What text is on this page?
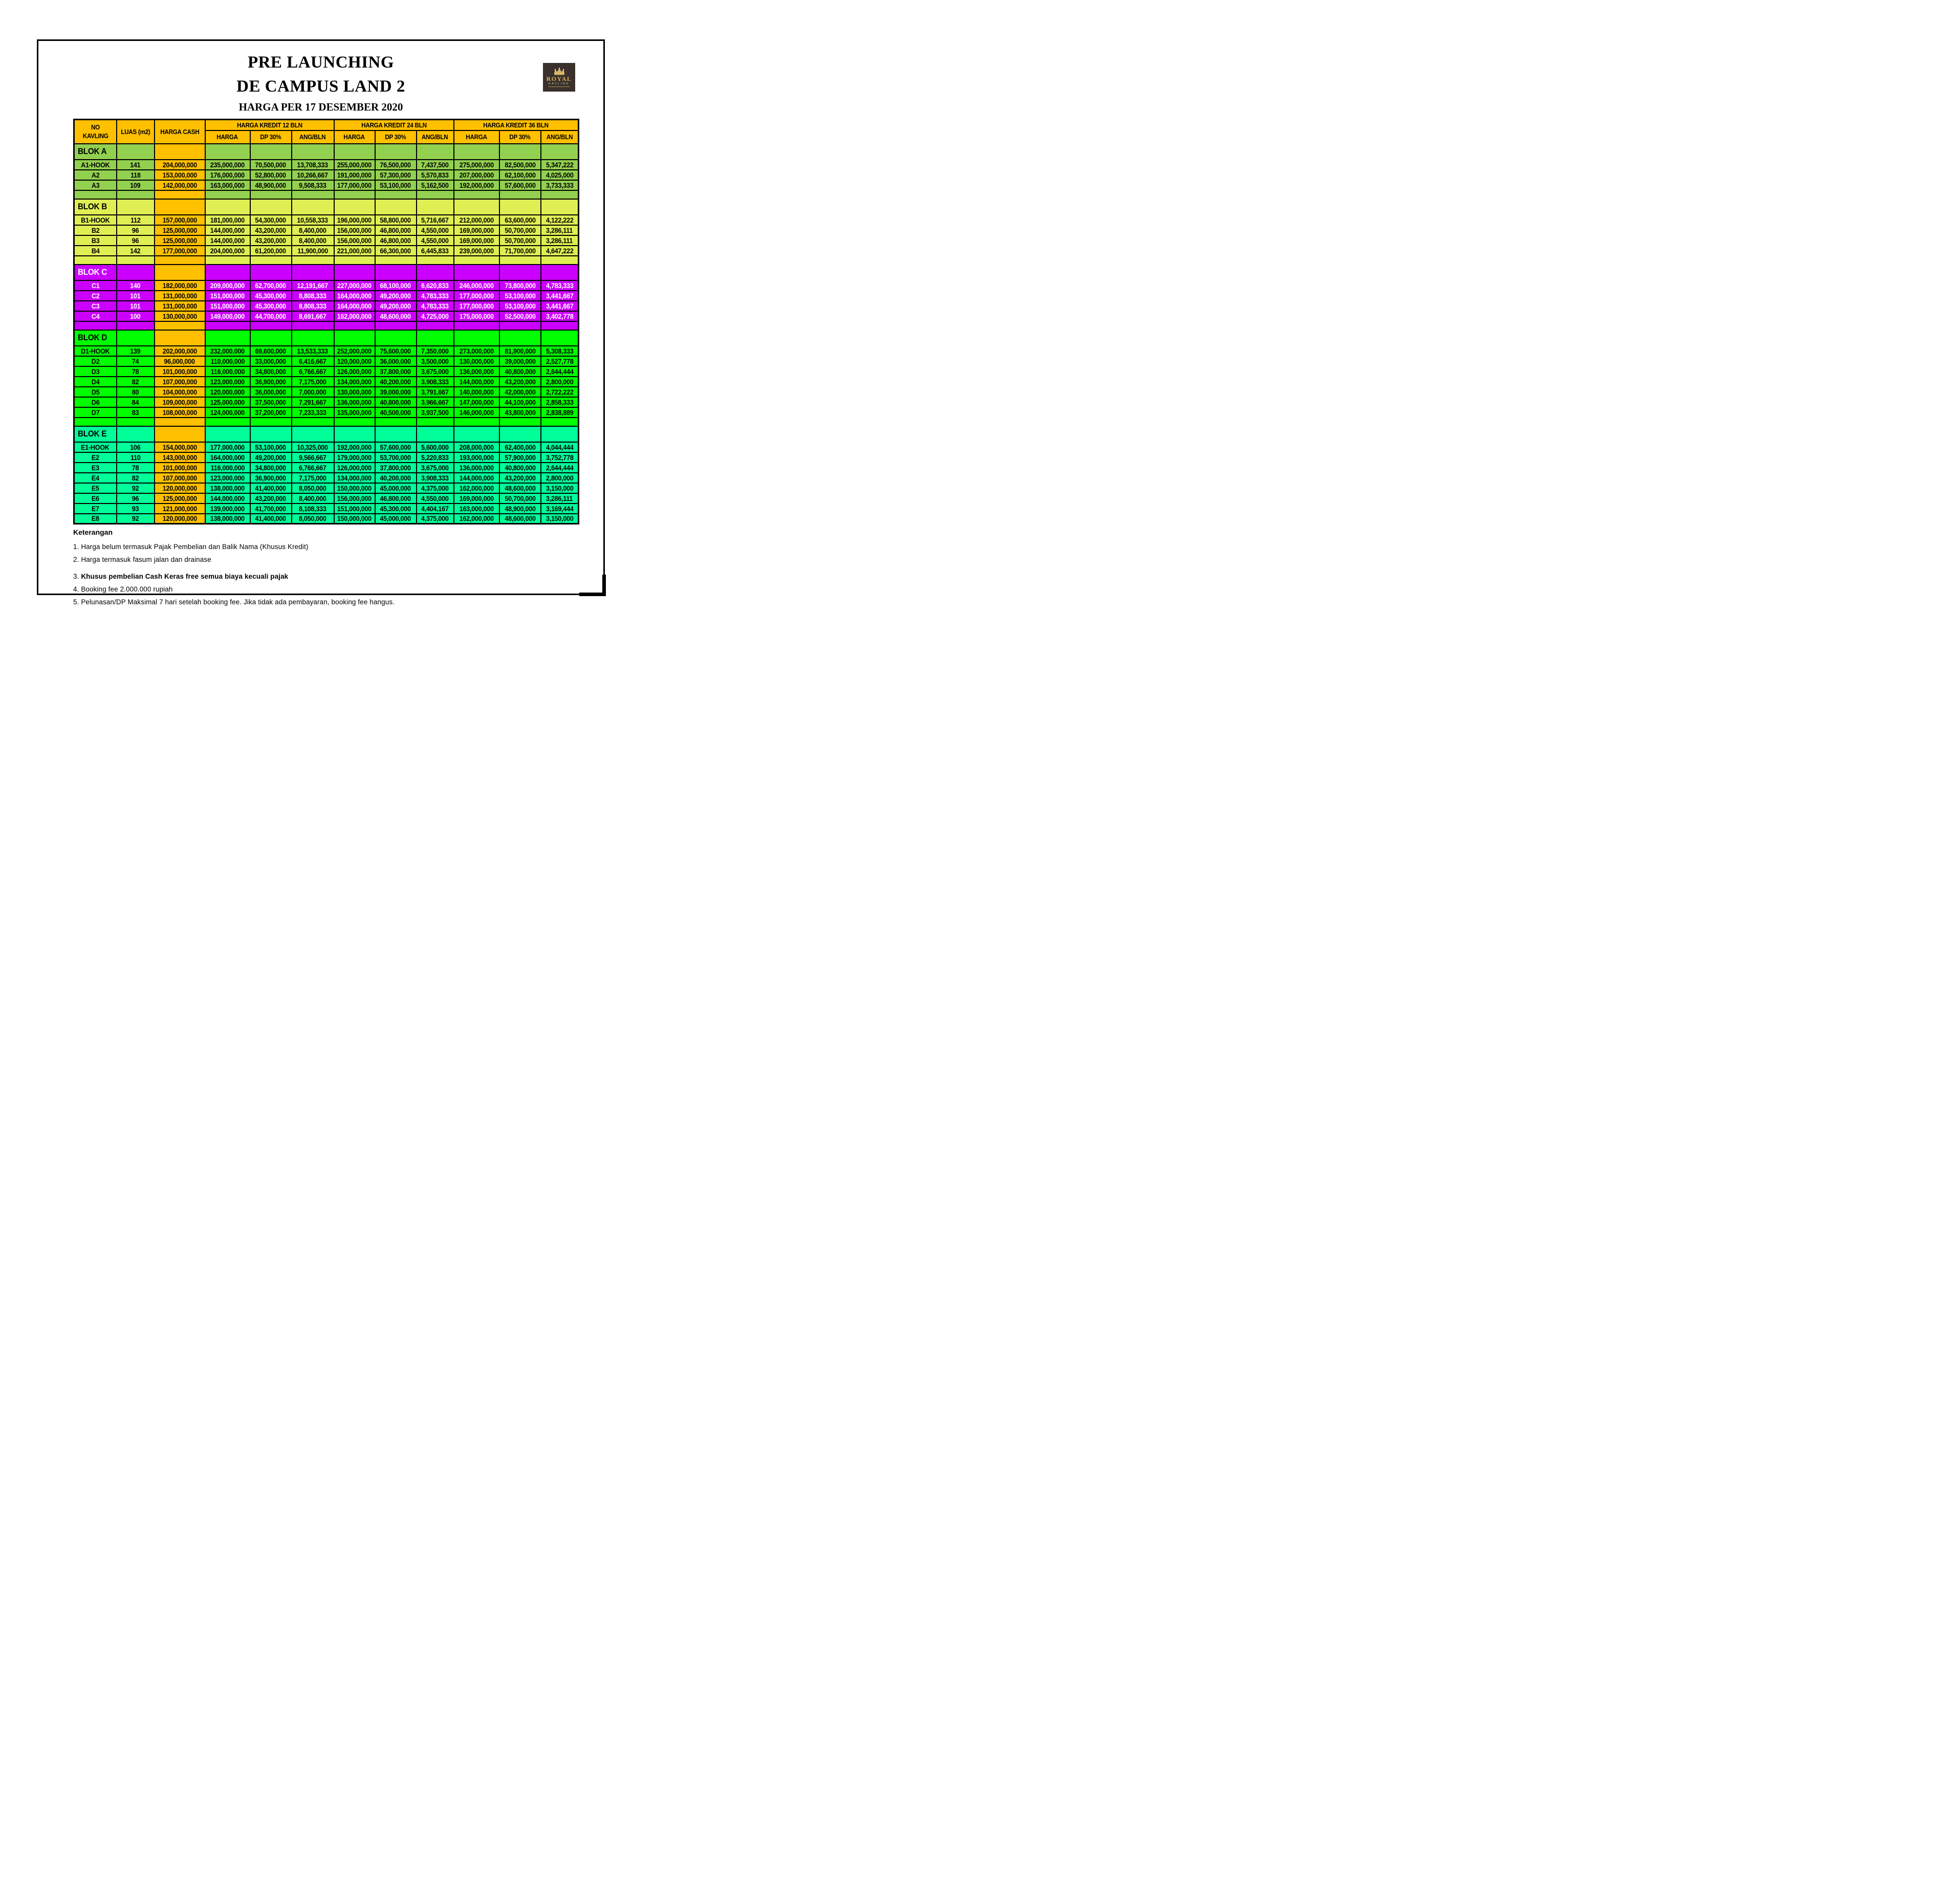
PRE LAUNCHING
DE CAMPUS LAND 2
HARGA PER 17 DESEMBER 2020
ROYAL
KAVLING
NO
KAVLING	LUAS (m2)	HARGA CASH	HARGA KREDIT 12 BLN			HARGA KREDIT 24 BLN			HARGA KREDIT 36 BLN		
			HARGA	DP 30%	ANG/BLN	HARGA	DP 30%	ANG/BLN	HARGA	DP 30%	ANG/BLN
BLOK A											
A1-HOOK	141	204,000,000	235,000,000	70,500,000	13,708,333	255,000,000	76,500,000	7,437,500	275,000,000	82,500,000	5,347,222
A2	118	153,000,000	176,000,000	52,800,000	10,266,667	191,000,000	57,300,000	5,570,833	207,000,000	62,100,000	4,025,000
A3	109	142,000,000	163,000,000	48,900,000	9,508,333	177,000,000	53,100,000	5,162,500	192,000,000	57,600,000	3,733,333

BLOK B											
B1-HOOK	112	157,000,000	181,000,000	54,300,000	10,558,333	196,000,000	58,800,000	5,716,667	212,000,000	63,600,000	4,122,222
B2	96	125,000,000	144,000,000	43,200,000	8,400,000	156,000,000	46,800,000	4,550,000	169,000,000	50,700,000	3,286,111
B3	96	125,000,000	144,000,000	43,200,000	8,400,000	156,000,000	46,800,000	4,550,000	169,000,000	50,700,000	3,286,111
B4	142	177,000,000	204,000,000	61,200,000	11,900,000	221,000,000	66,300,000	6,445,833	239,000,000	71,700,000	4,647,222

BLOK C											
C1	140	182,000,000	209,000,000	62,700,000	12,191,667	227,000,000	68,100,000	6,620,833	246,000,000	73,800,000	4,783,333
C2	101	131,000,000	151,000,000	45,300,000	8,808,333	164,000,000	49,200,000	4,783,333	177,000,000	53,100,000	3,441,667
C3	101	131,000,000	151,000,000	45,300,000	8,808,333	164,000,000	49,200,000	4,783,333	177,000,000	53,100,000	3,441,667
C4	100	130,000,000	149,000,000	44,700,000	8,691,667	162,000,000	48,600,000	4,725,000	175,000,000	52,500,000	3,402,778

BLOK D											
D1-HOOK	139	202,000,000	232,000,000	69,600,000	13,533,333	252,000,000	75,600,000	7,350,000	273,000,000	81,900,000	5,308,333
D2	74	96,000,000	110,000,000	33,000,000	6,416,667	120,000,000	36,000,000	3,500,000	130,000,000	39,000,000	2,527,778
D3	78	101,000,000	116,000,000	34,800,000	6,766,667	126,000,000	37,800,000	3,675,000	136,000,000	40,800,000	2,644,444
D4	82	107,000,000	123,000,000	36,900,000	7,175,000	134,000,000	40,200,000	3,908,333	144,000,000	43,200,000	2,800,000
D5	80	104,000,000	120,000,000	36,000,000	7,000,000	130,000,000	39,000,000	3,791,667	140,000,000	42,000,000	2,722,222
D6	84	109,000,000	125,000,000	37,500,000	7,291,667	136,000,000	40,800,000	3,966,667	147,000,000	44,100,000	2,858,333
D7	83	108,000,000	124,000,000	37,200,000	7,233,333	135,000,000	40,500,000	3,937,500	146,000,000	43,800,000	2,838,889

BLOK E											
E1-HOOK	106	154,000,000	177,000,000	53,100,000	10,325,000	192,000,000	57,600,000	5,600,000	208,000,000	62,400,000	4,044,444
E2	110	143,000,000	164,000,000	49,200,000	9,566,667	179,000,000	53,700,000	5,220,833	193,000,000	57,900,000	3,752,778
E3	78	101,000,000	116,000,000	34,800,000	6,766,667	126,000,000	37,800,000	3,675,000	136,000,000	40,800,000	2,644,444
E4	82	107,000,000	123,000,000	36,900,000	7,175,000	134,000,000	40,200,000	3,908,333	144,000,000	43,200,000	2,800,000
E5	92	120,000,000	138,000,000	41,400,000	8,050,000	150,000,000	45,000,000	4,375,000	162,000,000	48,600,000	3,150,000
E6	96	125,000,000	144,000,000	43,200,000	8,400,000	156,000,000	46,800,000	4,550,000	169,000,000	50,700,000	3,286,111
E7	93	121,000,000	139,000,000	41,700,000	8,108,333	151,000,000	45,300,000	4,404,167	163,000,000	48,900,000	3,169,444
E8	92	120,000,000	138,000,000	41,400,000	8,050,000	150,000,000	45,000,000	4,375,000	162,000,000	48,600,000	3,150,000
Keterangan
1. Harga belum termasuk Pajak Pembelian dan Balik Nama (Khusus Kredit)
2. Harga termasuk fasum jalan dan drainase
3. Khusus pembelian Cash Keras free semua biaya kecuali pajak
4. Booking fee 2.000.000 rupiah
5. Pelunasan/DP Maksimal 7 hari setelah booking fee. Jika tidak ada pembayaran, booking fee hangus.
